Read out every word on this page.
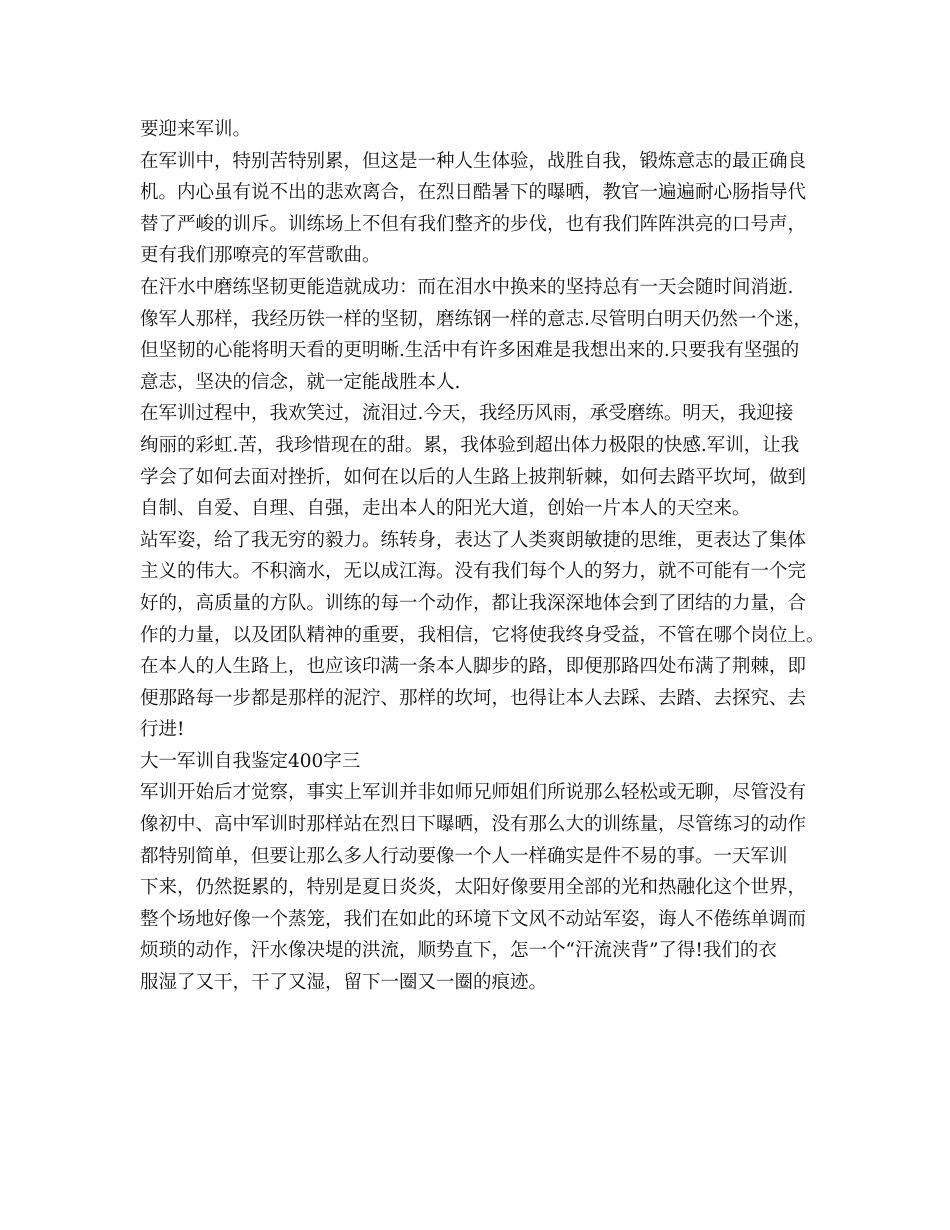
要迎来军训。
在军训中，特别苦特别累，但这是一种人生体验，战胜自我，锻炼意志的最正确良
机。内心虽有说不出的悲欢离合，在烈日酷暑下的曝晒，教官一遍遍耐心肠指导代
替了严峻的训斥。训练场上不但有我们整齐的步伐，也有我们阵阵洪亮的口号声，
更有我们那嘹亮的军营歌曲。
在汗水中磨练坚韧更能造就成功：而在泪水中换来的坚持总有一天会随时间消逝.
像军人那样，我经历铁一样的坚韧，磨练钢一样的意志.尽管明白明天仍然一个迷，
但坚韧的心能将明天看的更明晰.生活中有许多困难是我想出来的.只要我有坚强的
意志，坚决的信念，就一定能战胜本人.
在军训过程中，我欢笑过，流泪过.今天，我经历风雨，承受磨练。明天，我迎接
绚丽的彩虹.苦，我珍惜现在的甜。累，我体验到超出体力极限的快感.军训，让我
学会了如何去面对挫折，如何在以后的人生路上披荆斩棘，如何去踏平坎坷，做到
自制、自爱、自理、自强，走出本人的阳光大道，创始一片本人的天空来。
站军姿，给了我无穷的毅力。练转身，表达了人类爽朗敏捷的思维，更表达了集体
主义的伟大。不积滴水，无以成江海。没有我们每个人的努力，就不可能有一个完
好的，高质量的方队。训练的每一个动作，都让我深深地体会到了团结的力量，合
作的力量，以及团队精神的重要，我相信，它将使我终身受益，不管在哪个岗位上。
在本人的人生路上，也应该印满一条本人脚步的路，即便那路四处布满了荆棘，即
便那路每一步都是那样的泥泞、那样的坎坷，也得让本人去踩、去踏、去探究、去
行进!
大一军训自我鉴定400字三
军训开始后才觉察，事实上军训并非如师兄师姐们所说那么轻松或无聊，尽管没有
像初中、高中军训时那样站在烈日下曝晒，没有那么大的训练量，尽管练习的动作
都特别简单，但要让那么多人行动要像一个人一样确实是件不易的事。一天军训
下来，仍然挺累的，特别是夏日炎炎，太阳好像要用全部的光和热融化这个世界，
整个场地好像一个蒸笼，我们在如此的环境下文风不动站军姿，诲人不倦练单调而
烦琐的动作，汗水像决堤的洪流，顺势直下，怎一个“汗流浃背”了得!我们的衣
服湿了又干，干了又湿，留下一圈又一圈的痕迹。
